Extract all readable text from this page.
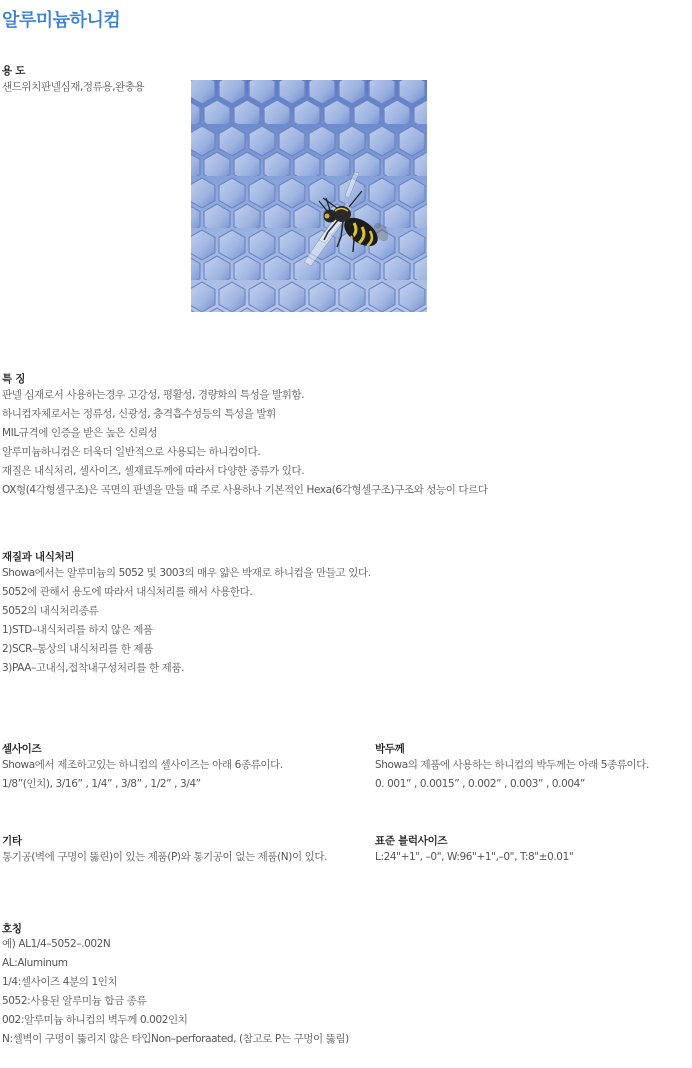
알루미늄하니컴
용 도
샌드위치판넬심재,정류용,완충용
특 징
판넬 심재로서 사용하는경우 고강성, 평활성, 경량화의 특성을 발휘함.
하니컴자체로서는 정류성, 신광성, 충격흡수성등의 특성을 발휘
MIL규격에 인증을 받은 높은 신뢰성
알루미늄하니컴은 더욱더 일반적으로 사용되는 하니컴이다.
재질은 내식처리, 셀사이즈, 셀재료두께에 따라서 다양한 종류가 있다.
OX형(4각형셀구조)은 곡면의 판넬을 만들 때 주로 사용하나 기본적인 Hexa(6각형셀구조)구조와 성능이 다르다
재질과 내식처리
Showa에서는 알루미늄의 5052 및 3003의 매우 얇은 박재로 하니컴을 만들고 있다.
5052에 관해서 용도에 따라서 내식처리를 해서 사용한다.
5052의 내식처리종류
1)STD–내식처리를 하지 않은 제품
2)SCR–통상의 내식처리를 한 제품
3)PAA–고내식,접착내구성처리를 한 제품.
셀사이즈
Showa에서 제조하고있는 하니컴의 셀사이즈는 아래 6종류이다.
1/8”(인치), 3/16” , 1/4” , 3/8” , 1/2” , 3/4”
박두께
Showa의 제품에 사용하는 하니컴의 박두께는 아래 5종류이다.
0. 001” , 0.0015” , 0.002” , 0.003” , 0.004”
기타
통기공(벽에 구명이 뚫린)이 있는 제품(P)와 통기공이 없는 제품(N)이 있다.
표준 블럭사이즈
L:24"+1", –0", W:96"+1",–0", T:8"±0.01"
호칭
예) AL1/4–5052–.002N
AL:Aluminum
1/4:셀사이즈 4분의 1인치
5052:사용된 알루미늄 합금 종류
002:알루미늄 하니컴의 벽두께 0.002인치
N:셀벽이 구멍이 뚫리지 않은 타입Non–perforaated, (참고로 P는 구멍이 뚫림)
